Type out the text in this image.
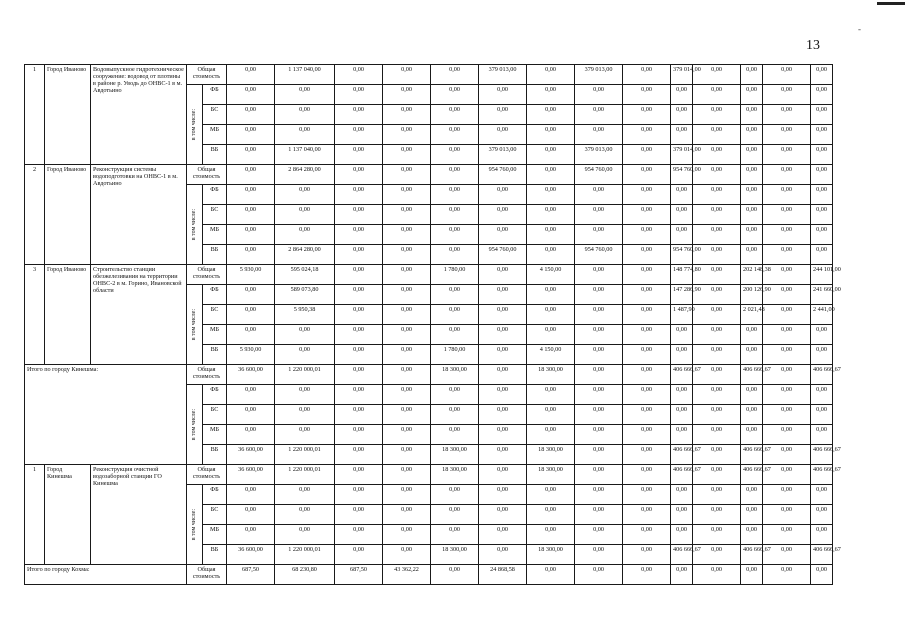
-
13
1	Город Иваново	Водовыпускное гидротехническое сооружение: водовод от плотины в районе р. Уводь до ОНВС-1 в м. Авдотьино	Общая стоимость		0,00	1 137 040,00	0,00	0,00	0,00	379 013,00	0,00	379 013,00	0,00	379 014,00	0,00	0,00	0,00	0,00

			в том числе:	ФБ	0,00	0,00	0,00	0,00	0,00	0,00	0,00	0,00	0,00	0,00	0,00	0,00	0,00	0,00
				БС	0,00	0,00	0,00	0,00	0,00	0,00	0,00	0,00	0,00	0,00	0,00	0,00	0,00	0,00
				МБ	0,00	0,00	0,00	0,00	0,00	0,00	0,00	0,00	0,00	0,00	0,00	0,00	0,00	0,00
				ВБ	0,00	1 137 040,00	0,00	0,00	0,00	379 013,00	0,00	379 013,00	0,00	379 014,00	0,00	0,00	0,00	0,00
2	Город Иваново	Реконструкция системы водоподготовки на ОНВС-1 в м. Авдотьино	Общая стоимость		0,00	2 864 280,00	0,00	0,00	0,00	954 760,00	0,00	954 760,00	0,00	954 760,00	0,00	0,00	0,00	0,00

			в том числе:	ФБ	0,00	0,00	0,00	0,00	0,00	0,00	0,00	0,00	0,00	0,00	0,00	0,00	0,00	0,00
				БС	0,00	0,00	0,00	0,00	0,00	0,00	0,00	0,00	0,00	0,00	0,00	0,00	0,00	0,00
				МБ	0,00	0,00	0,00	0,00	0,00	0,00	0,00	0,00	0,00	0,00	0,00	0,00	0,00	0,00
				ВБ	0,00	2 864 280,00	0,00	0,00	0,00	954 760,00	0,00	954 760,00	0,00	954 760,00	0,00	0,00	0,00	0,00
3	Город Иваново	Строительство станции обезжелезивания на территории ОНВС-2 в м. Горино, Ивановской области	Общая стоимость		5 930,00	595 024,18	0,00	0,00	1 780,00	0,00	4 150,00	0,00	0,00	148 774,80	0,00	202 148,38	0,00	244 101,00

			в том числе:	ФБ	0,00	589 073,80	0,00	0,00	0,00	0,00	0,00	0,00	0,00	147 286,90	0,00	200 126,90	0,00	241 660,00
				БС	0,00	5 950,38	0,00	0,00	0,00	0,00	0,00	0,00	0,00	1 487,90	0,00	2 021,48	0,00	2 441,00
				МБ	0,00	0,00	0,00	0,00	0,00	0,00	0,00	0,00	0,00	0,00	0,00	0,00	0,00	0,00
				ВБ	5 930,00	0,00	0,00	0,00	1 780,00	0,00	4 150,00	0,00	0,00	0,00	0,00	0,00	0,00	0,00
Итого по городу Кинешма:			Общая стоимость		36 600,00	1 220 000,01	0,00	0,00	18 300,00	0,00	18 300,00	0,00	0,00	406 666,67	0,00	406 666,67	0,00	406 666,67

			в том числе:	ФБ	0,00	0,00	0,00	0,00	0,00	0,00	0,00	0,00	0,00	0,00	0,00	0,00	0,00	0,00
				БС	0,00	0,00	0,00	0,00	0,00	0,00	0,00	0,00	0,00	0,00	0,00	0,00	0,00	0,00
				МБ	0,00	0,00	0,00	0,00	0,00	0,00	0,00	0,00	0,00	0,00	0,00	0,00	0,00	0,00
				ВБ	36 600,00	1 220 000,01	0,00	0,00	18 300,00	0,00	18 300,00	0,00	0,00	406 666,67	0,00	406 666,67	0,00	406 666,67
1	Город Кинешма	Реконструкция очистной водозаборной станции ГО Кинешма	Общая стоимость		36 600,00	1 220 000,01	0,00	0,00	18 300,00	0,00	18 300,00	0,00	0,00	406 666,67	0,00	406 666,67	0,00	406 666,67

			в том числе:	ФБ	0,00	0,00	0,00	0,00	0,00	0,00	0,00	0,00	0,00	0,00	0,00	0,00	0,00	0,00
				БС	0,00	0,00	0,00	0,00	0,00	0,00	0,00	0,00	0,00	0,00	0,00	0,00	0,00	0,00
				МБ	0,00	0,00	0,00	0,00	0,00	0,00	0,00	0,00	0,00	0,00	0,00	0,00	0,00	0,00
				ВБ	36 600,00	1 220 000,01	0,00	0,00	18 300,00	0,00	18 300,00	0,00	0,00	406 666,67	0,00	406 666,67	0,00	406 666,67
Итого по городу Кохма:			Общая стоимость		687,50	68 230,80	687,50	43 362,22	0,00	24 868,58	0,00	0,00	0,00	0,00	0,00	0,00	0,00	0,00
